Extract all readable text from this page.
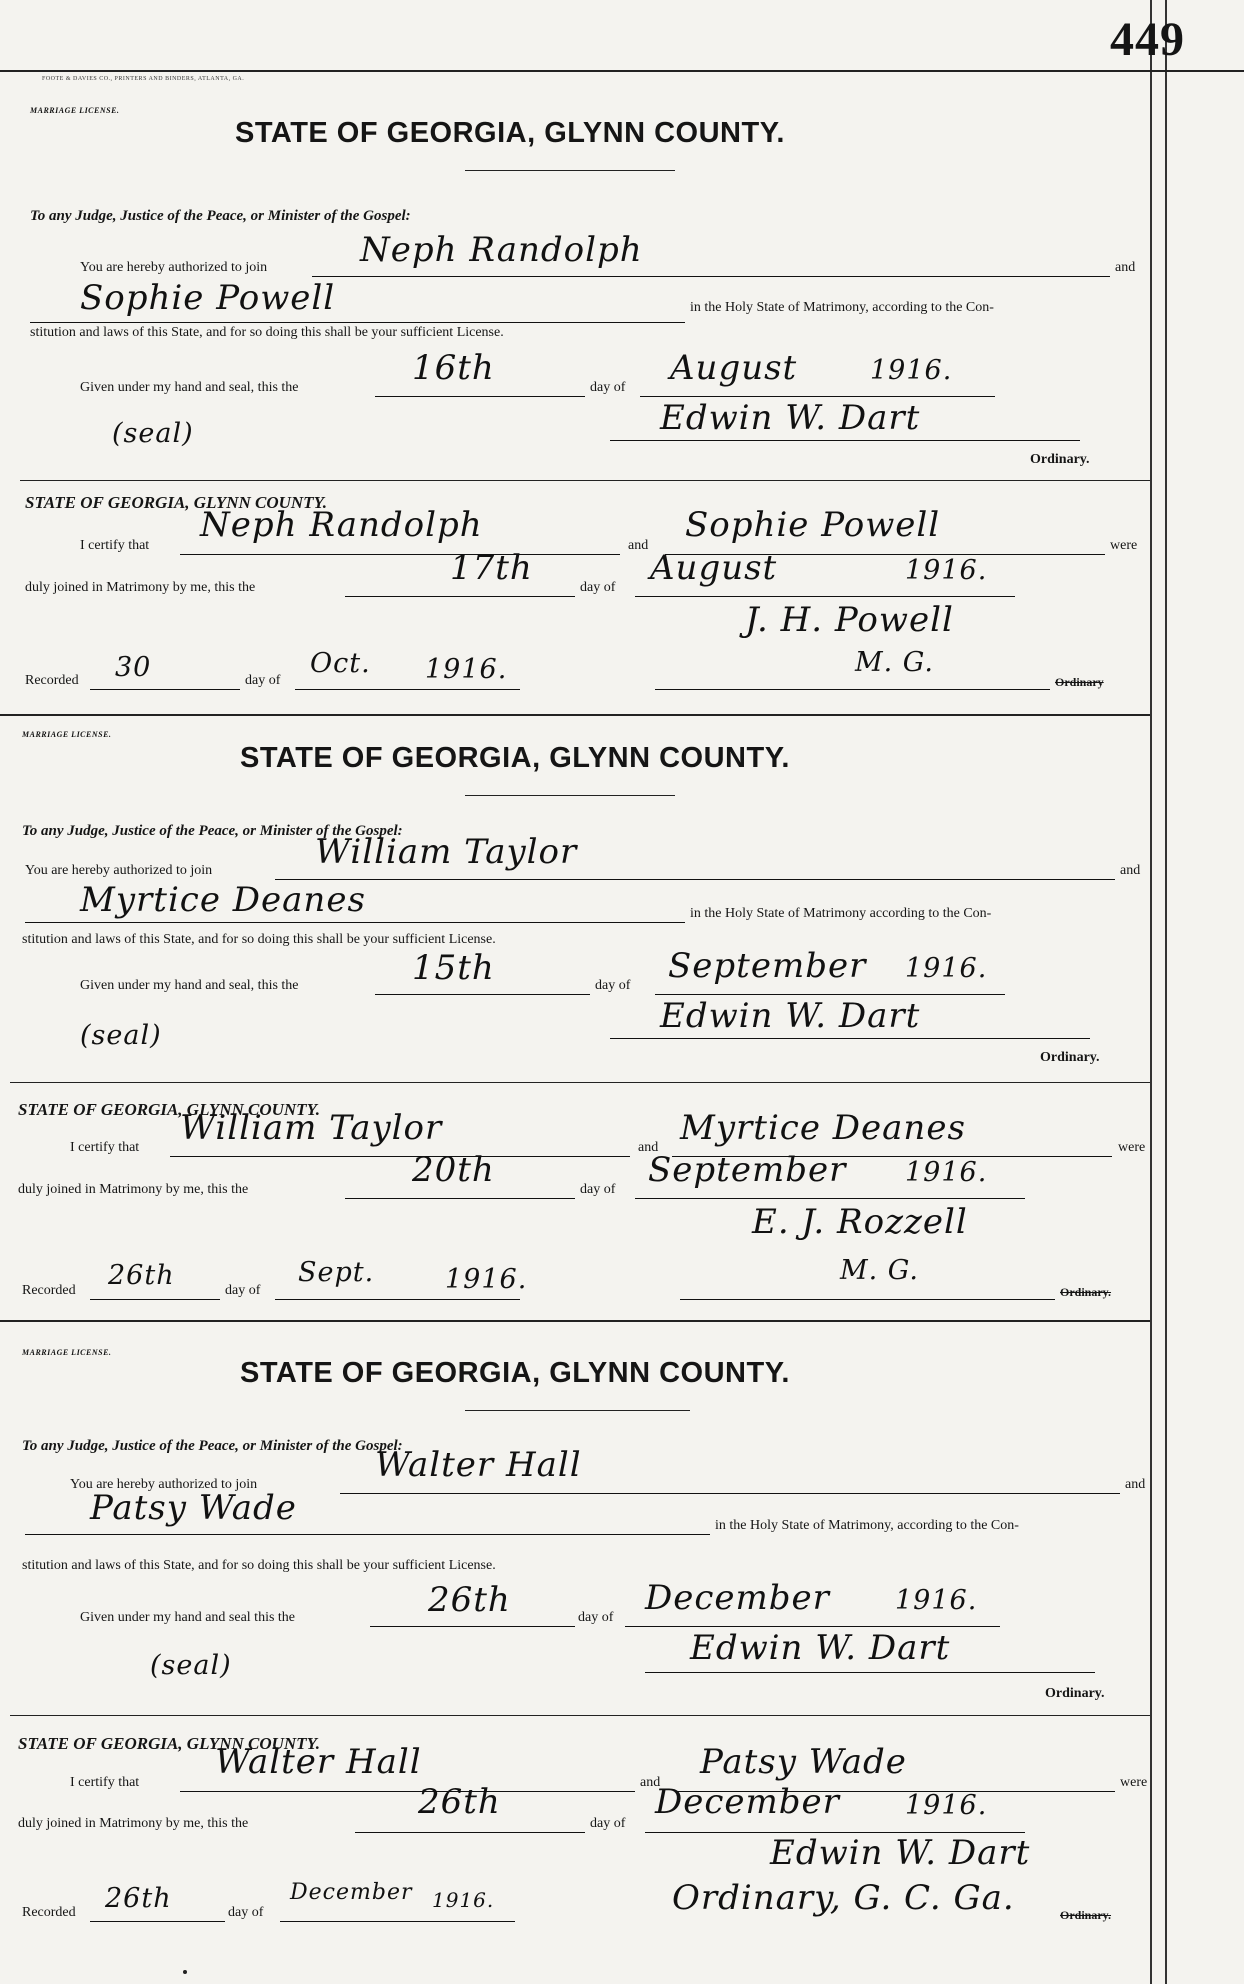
449
FOOTE & DAVIES CO., PRINTERS AND BINDERS, ATLANTA, GA.
MARRIAGE LICENSE.
STATE OF GEORGIA, GLYNN COUNTY.
To any Judge, Justice of the Peace, or Minister of the Gospel:
You are hereby authorized to join	Neph Randolph	and
Sophie Powell	in the Holy State of Matrimony, according to the Con-
stitution and laws of this State, and for so doing this shall be your sufficient License.
Given under my hand and seal, this the	16th	day of August	1916.
(seal)	Edwin W. Dart
Ordinary.
STATE OF GEORGIA, GLYNN COUNTY.
I certify that
Neph Randolph
and
Sophie Powell
were
duly joined in Matrimony by me, this the	17th	day of August	1916.
J. H. Powell
Recorded 30	day of
Oct. 1916.	M. G.
Ordinary
MARRIAGE LICENSE.
STATE OF GEORGIA, GLYNN COUNTY.
To any Judge, Justice of the Peace, or Minister of the Gospel:
You are hereby authorized to join	William Taylor	and
Myrtice Deanes	in the Holy State of Matrimony according to the Con-
stitution and laws of this State, and for so doing this shall be your sufficient License.
Given under my hand and seal, this the	15th	day of September 1916.
(seal)	Edwin W. Dart
Ordinary.
STATE OF GEORGIA, GLYNN COUNTY.
I certify that William Taylor	and Myrtice Deanes	were
duly joined in Matrimony by me, this the	20th	day of September 1916.
E. J. Rozzell
Recorded 26th	day of
Sept.	1916.	M. G.
Ordinary.
MARRIAGE LICENSE.
STATE OF GEORGIA, GLYNN COUNTY.
To any Judge, Justice of the Peace, or Minister of the Gospel:
You are hereby authorized to join	Walter Hall	and
Patsy Wade	in the Holy State of Matrimony, according to the Con-
stitution and laws of this State, and for so doing this shall be your sufficient License.
Given under my hand and seal this the	26th	day of December 1916.
(seal)	Edwin W. Dart
Ordinary.
STATE OF GEORGIA, GLYNN COUNTY.
I certify that
Walter Hall
and
Patsy Wade
were
duly joined in Matrimony by me, this the
26th
day of
December 1916.
Edwin W. Dart
Recorded 26th	day of
December 1916.	Ordinary, G. C. Ga.	Ordinary.
